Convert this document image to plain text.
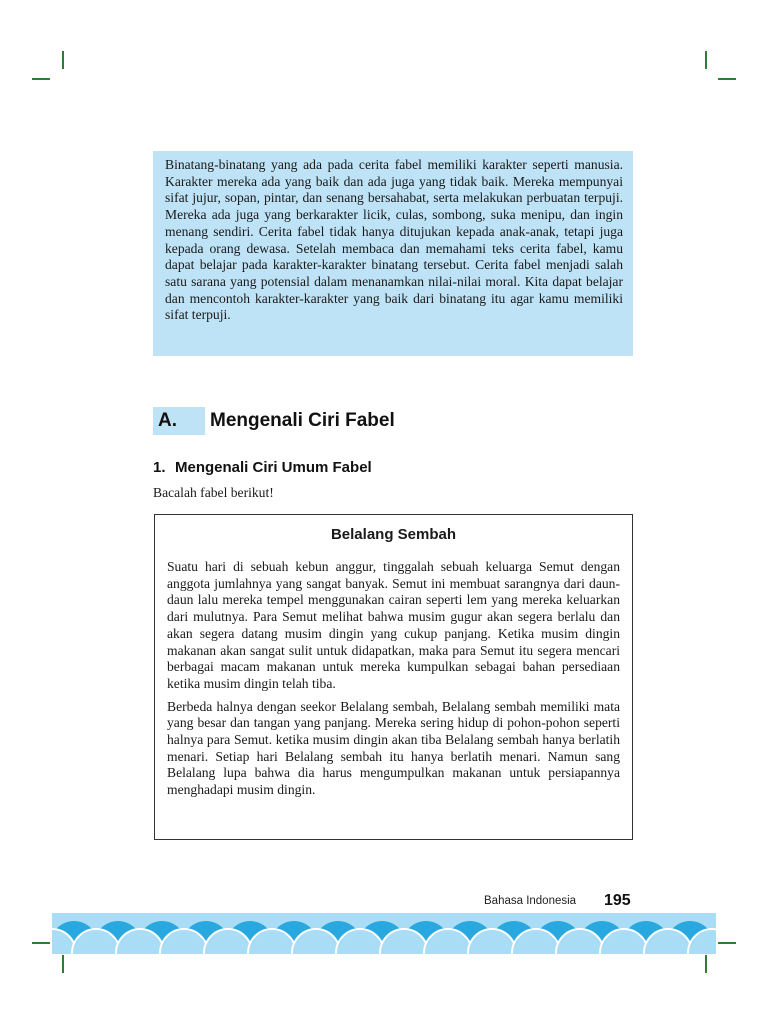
Binatang-binatang yang ada pada cerita fabel memiliki karakter seperti manusia. Karakter mereka ada yang baik dan ada juga yang tidak baik. Mereka mempunyai sifat jujur, sopan, pintar, dan senang bersahabat, serta melakukan perbuatan terpuji. Mereka ada juga yang berkarakter licik, culas, sombong, suka menipu, dan ingin menang sendiri. Cerita fabel tidak hanya ditujukan kepada anak-anak, tetapi juga kepada orang dewasa. Setelah membaca dan memahami teks cerita fabel, kamu dapat belajar pada karakter-karakter binatang tersebut. Cerita fabel menjadi salah satu sarana yang potensial dalam menanamkan nilai-nilai moral. Kita dapat belajar dan mencontoh karakter-karakter yang baik dari binatang itu agar kamu memiliki sifat terpuji.

A.	Mengenali Ciri Fabel
1. Mengenali Ciri Umum Fabel
Bacalah fabel berikut!
Belalang Sembah

Suatu hari di sebuah kebun anggur, tinggalah sebuah keluarga Semut dengan anggota jumlahnya yang sangat banyak. Semut ini membuat sarangnya dari daun-daun lalu mereka tempel menggunakan cairan seperti lem yang mereka keluarkan dari mulutnya. Para Semut melihat bahwa musim gugur akan segera berlalu dan akan segera datang musim dingin yang cukup panjang. Ketika musim dingin makanan akan sangat sulit untuk didapatkan, maka para Semut itu segera mencari berbagai macam makanan untuk mereka kumpulkan sebagai bahan persediaan ketika musim dingin telah tiba.

Berbeda halnya dengan seekor Belalang sembah, Belalang sembah memiliki mata yang besar dan tangan yang panjang. Mereka sering hidup di pohon-pohon seperti halnya para Semut. ketika musim dingin akan tiba Belalang sembah hanya berlatih menari. Setiap hari Belalang sembah itu hanya berlatih menari. Namun sang Belalang lupa bahwa dia harus mengumpulkan makanan untuk persiapannya menghadapi musim dingin.

Bahasa Indonesia 195
